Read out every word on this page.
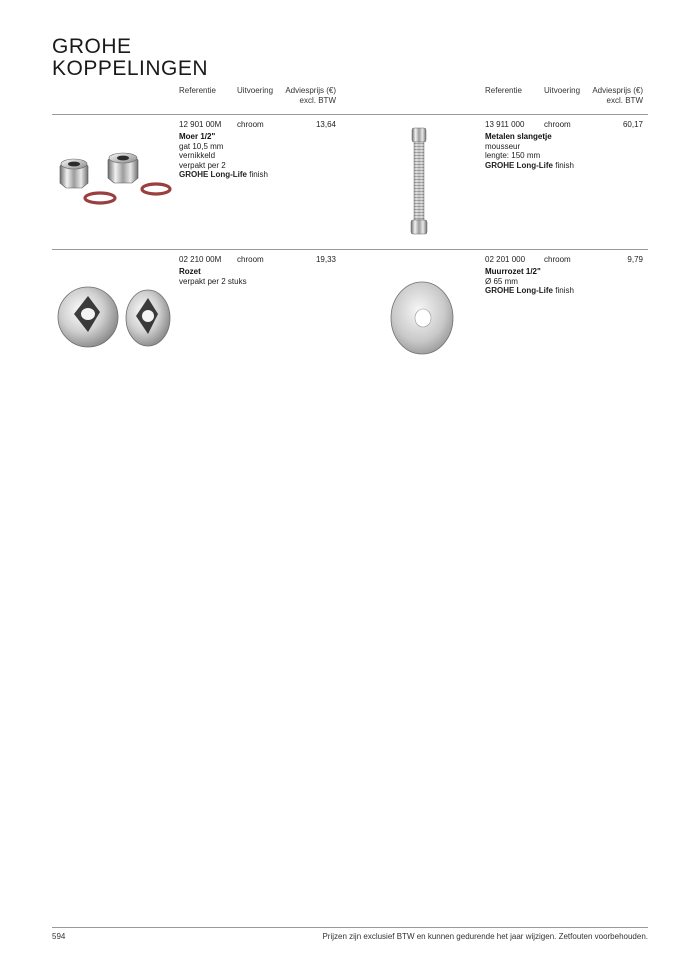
GROHE
KOPPELINGEN
Referentie	Uitvoering	Adviesprijs (€)
excl. BTW
Referentie	Uitvoering	Adviesprijs (€)
excl. BTW
12 901 00M chroom	13,64
Moer 1/2"
gat 10,5 mm
vernikkeld
verpakt per 2
GROHE Long-Life finish
13 911 000 chroom	60,17
Metalen slangetje
mousseur
lengte: 150 mm
GROHE Long-Life finish
02 210 00M chroom	19,33
Rozet
verpakt per 2 stuks
02 201 000 chroom	9,79
Muurrozet 1/2"
Ø 65 mm
GROHE Long-Life finish
594	Prijzen zijn exclusief BTW en kunnen gedurende het jaar wijzigen. Zetfouten voorbehouden.
